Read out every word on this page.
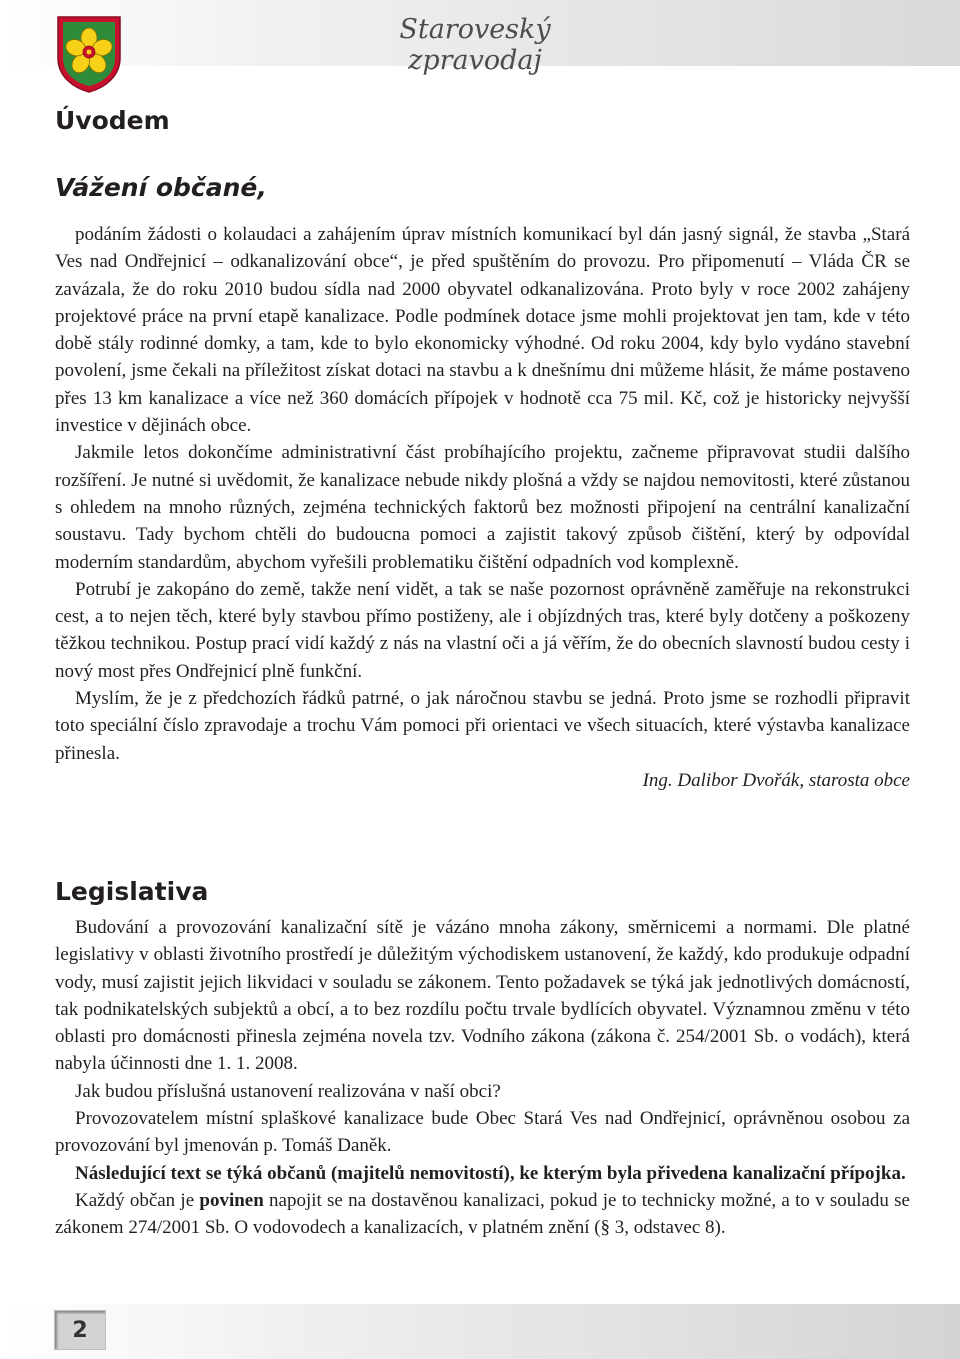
Staroveský zpravodaj
Úvodem
Vážení občané,

podáním žádosti o kolaudaci a zahájením úprav místních komunikací byl dán jasný signál, že stavba „Stará Ves nad Ondřejnicí – odkanalizování obce“, je před spuštěním do provozu. Pro připomenutí – Vláda ČR se zavázala, že do roku 2010 budou sídla nad 2000 obyvatel odkanalizována. Proto byly v roce 2002 zahájeny projektové práce na první etapě kanalizace. Podle podmínek dotace jsme mohli projektovat jen tam, kde v této době stály rodinné domky, a tam, kde to bylo ekonomicky výhodné. Od roku 2004, kdy bylo vydáno stavební povolení, jsme čekali na příležitost získat dotaci na stavbu a k dnešnímu dni můžeme hlásit, že máme postaveno přes 13 km kanalizace a více než 360 domácích přípojek v hodnotě cca 75 mil. Kč, což je historicky nejvyšší investice v dějinách obce.

Jakmile letos dokončíme administrativní část probíhajícího projektu, začneme připravovat studii dalšího rozšíření. Je nutné si uvědomit, že kanalizace nebude nikdy plošná a vždy se najdou nemovitosti, které zůstanou s ohledem na mnoho různých, zejména technických faktorů bez možnosti připojení na centrální kanalizační soustavu. Tady bychom chtěli do budoucna pomoci a zajistit takový způsob čištění, který by odpovídal moderním standardům, abychom vyřešili problematiku čištění odpadních vod komplexně.

Potrubí je zakopáno do země, takže není vidět, a tak se naše pozornost oprávněně zaměřuje na rekonstrukci cest, a to nejen těch, které byly stavbou přímo postiženy, ale i objízdných tras, které byly dotčeny a poškozeny těžkou technikou. Postup prací vidí každý z nás na vlastní oči a já věřím, že do obecních slavností budou cesty i nový most přes Ondřejnicí plně funkční.

Myslím, že je z předchozích řádků patrné, o jak náročnou stavbu se jedná. Proto jsme se rozhodli připravit toto speciální číslo zpravodaje a trochu Vám pomoci při orientaci ve všech situacích, které výstavba kanalizace přinesla.

Ing. Dalibor Dvořák, starosta obce

Legislativa

Budování a provozování kanalizační sítě je vázáno mnoha zákony, směrnicemi a normami. Dle platné legislativy v oblasti životního prostředí je důležitým východiskem ustanovení, že každý, kdo produkuje odpadní vody, musí zajistit jejich likvidaci v souladu se zákonem. Tento požadavek se týká jak jednotlivých domácností, tak podnikatelských subjektů a obcí, a to bez rozdílu počtu trvale bydlících obyvatel. Významnou změnu v této oblasti pro domácnosti přinesla zejména novela tzv. Vodního zákona (zákona č. 254/2001 Sb. o vodách), která nabyla účinnosti dne 1. 1. 2008.

Jak budou příslušná ustanovení realizována v naší obci?

Provozovatelem místní splaškové kanalizace bude Obec Stará Ves nad Ondřejnicí, oprávněnou osobou za provozování byl jmenován p. Tomáš Daněk.

Následující text se týká občanů (majitelů nemovitostí), ke kterým byla přivedena kanalizační přípojka.

Každý občan je povinen napojit se na dostavěnou kanalizaci, pokud je to technicky možné, a to v souladu se zákonem 274/2001 Sb. O vodovodech a kanalizacích, v platném znění (§ 3, odstavec 8).

2
